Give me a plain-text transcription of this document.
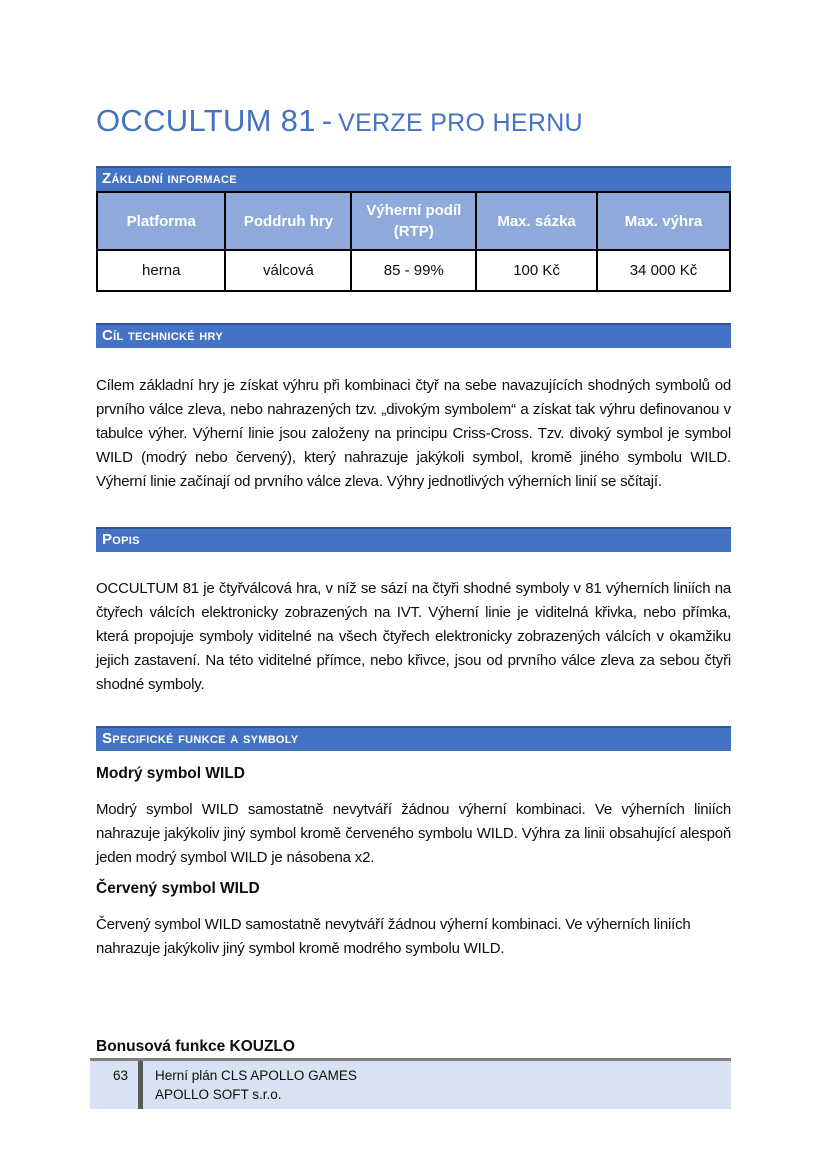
OCCULTUM 81 - VERZE PRO HERNU
Základní informace
Platforma	Poddruh hry	Výherní podíl (RTP)	Max. sázka	Max. výhra
herna	válcová	85 - 99%	100 Kč	34 000 Kč
Cíl technické hry

Cílem základní hry je získat výhru při kombinaci čtyř na sebe navazujících shodných symbolů od prvního válce zleva, nebo nahrazených tzv. „divokým symbolem“ a získat tak výhru definovanou v tabulce výher. Výherní linie jsou založeny na principu Criss-Cross. Tzv. divoký symbol je symbol WILD (modrý nebo červený), který nahrazuje jakýkoli symbol, kromě jiného symbolu WILD. Výherní linie začínají od prvního válce zleva. Výhry jednotlivých výherních linií se sčítají.

Popis

OCCULTUM 81 je čtyřválcová hra, v níž se sází na čtyři shodné symboly v 81 výherních liniích na čtyřech válcích elektronicky zobrazených na IVT. Výherní linie je viditelná křivka, nebo přímka, která propojuje symboly viditelné na všech čtyřech elektronicky zobrazených válcích v okamžiku jejich zastavení. Na této viditelné přímce, nebo křivce, jsou od prvního válce zleva za sebou čtyři shodné symboly.

Specifické funkce a symboly
Modrý symbol WILD

Modrý symbol WILD samostatně nevytváří žádnou výherní kombinaci. Ve výherních liniích nahrazuje jakýkoliv jiný symbol kromě červeného symbolu WILD. Výhra za linii obsahující alespoň jeden modrý symbol WILD je násobena x2.

Červený symbol WILD

Červený symbol WILD samostatně nevytváří žádnou výherní kombinaci. Ve výherních liniích
nahrazuje jakýkoliv jiný symbol kromě modrého symbolu WILD.

Bonusová funkce KOUZLO
63	Herní plán CLS APOLLO GAMES
APOLLO SOFT s.r.o.
